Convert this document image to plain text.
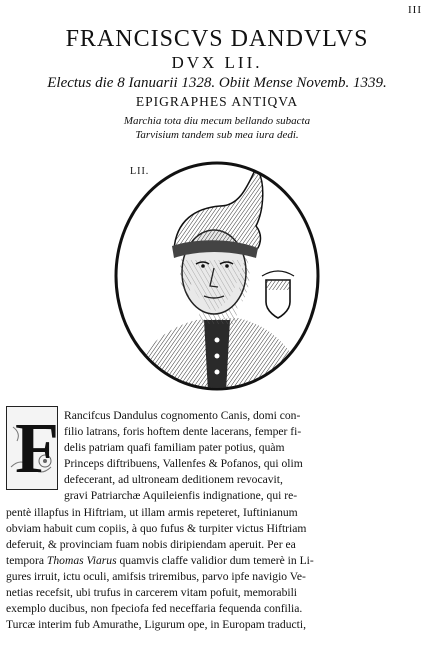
III
FRANCISCVS DANDVLVS
DVX LII.
Electus die 8 Ianuarii 1328. Obiit Mense Novemb. 1339.
EPIGRAPHES ANTIQVA
Marchia tota diu mecum bellando subacta
Tarvisium tandem sub mea iura dedi.
LII.
F Rancifcus Dandulus cognomento Canis, domi con-
filio latrans, foris hoftem dente lacerans, femper fi-
delis patriam quafi familiam pater potius, quàm
Princeps diftribuens, Vallenfes & Pofanos, qui olim
defecerant, ad ultroneam deditionem revocavit,
gravi Patriarchæ Aquileienfis indignatione, qui re-
pentè illapfus in Hiftriam, ut illam armis repeteret, Iuftinianum
obviam habuit cum copiis, à quo fufus & turpiter victus Hiftriam
deferuit, & provinciam fuam nobis diripiendam aperuit. Per ea
tempora Thomas Viarus quamvis claffe validior dum temerè in Li-
gures irruit, ictu oculi, amifsis triremibus, parvo ipfe navigio Ve-
netias recefsit, ubi trufus in carcerem vitam pofuit, memorabili
exemplo ducibus, non fpeciofa fed neceffaria fequenda confilia.
Turcæ interim fub Amurathe, Ligurum ope, in Europam traducti,
